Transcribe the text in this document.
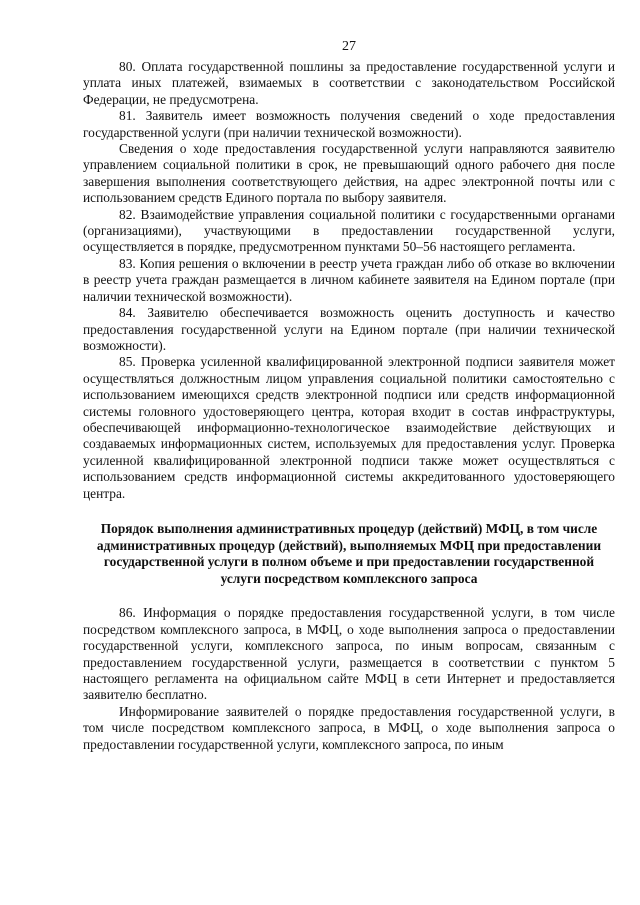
27

80. Оплата государственной пошлины за предоставление государственной услуги и уплата иных платежей, взимаемых в соответствии с законодательством Российской Федерации, не предусмотрена.

81. Заявитель имеет возможность получения сведений о ходе предоставления государственной услуги (при наличии технической возможности).

Сведения о ходе предоставления государственной услуги направляются заявителю управлением социальной политики в срок, не превышающий одного рабочего дня после завершения выполнения соответствующего действия, на адрес электронной почты или с использованием средств Единого портала по выбору заявителя.

82. Взаимодействие управления социальной политики с государственными органами (организациями), участвующими в предоставлении государственной услуги, осуществляется в порядке, предусмотренном пунктами 50–56 настоящего регламента.

83. Копия решения о включении в реестр учета граждан либо об отказе во включении в реестр учета граждан размещается в личном кабинете заявителя на Едином портале (при наличии технической возможности).

84. Заявителю обеспечивается возможность оценить доступность и качество предоставления государственной услуги на Едином портале (при наличии технической возможности).

85. Проверка усиленной квалифицированной электронной подписи заявителя может осуществляться должностным лицом управления социальной политики самостоятельно с использованием имеющихся средств электронной подписи или средств информационной системы головного удостоверяющего центра, которая входит в состав инфраструктуры, обеспечивающей информационно-технологическое взаимодействие действующих и создаваемых информационных систем, используемых для предоставления услуг. Проверка усиленной квалифицированной электронной подписи также может осуществляться с использованием средств информационной системы аккредитованного удостоверяющего центра.

Порядок выполнения административных процедур (действий) МФЦ, в том числе административных процедур (действий), выполняемых МФЦ при предоставлении государственной услуги в полном объеме и при предоставлении государственной услуги посредством комплексного запроса

86. Информация о порядке предоставления государственной услуги, в том числе посредством комплексного запроса, в МФЦ, о ходе выполнения запроса о предоставлении государственной услуги, комплексного запроса, по иным вопросам, связанным с предоставлением государственной услуги, размещается в соответствии с пунктом 5 настоящего регламента на официальном сайте МФЦ в сети Интернет и предоставляется заявителю бесплатно.

Информирование заявителей о порядке предоставления государственной услуги, в том числе посредством комплексного запроса, в МФЦ, о ходе выполнения запроса о предоставлении государственной услуги, комплексного запроса, по иным
